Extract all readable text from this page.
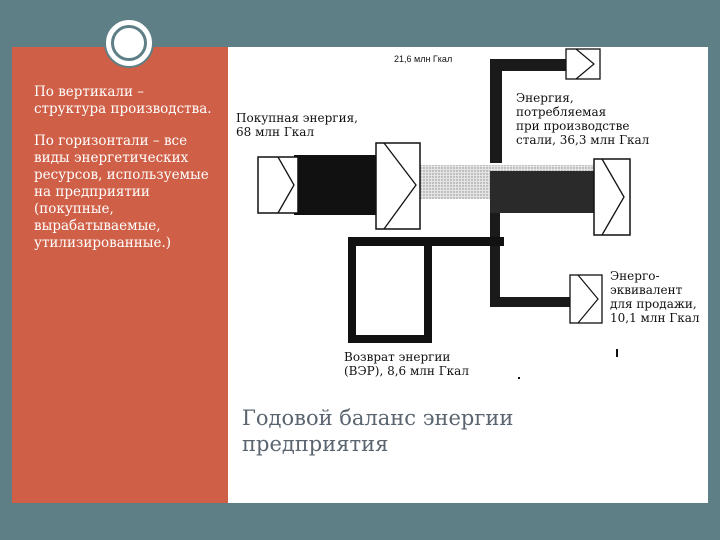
По вертикали – структура производства.

По горизонтали – все виды энергетических ресурсов, используемые на предприятии (покупные, вырабатываемые, утилизированные.)

21,6 млн Гкал
Покупная энергия,
68 млн Гкал
Энергия,
потребляемая
при производстве
стали, 36,3 млн Гкал
Энерго-
эквивалент
для продажи,
10,1 млн Гкал
Возврат энергии
(ВЭР), 8,6 млн Гкал
Годовой баланс энергии предприятия
